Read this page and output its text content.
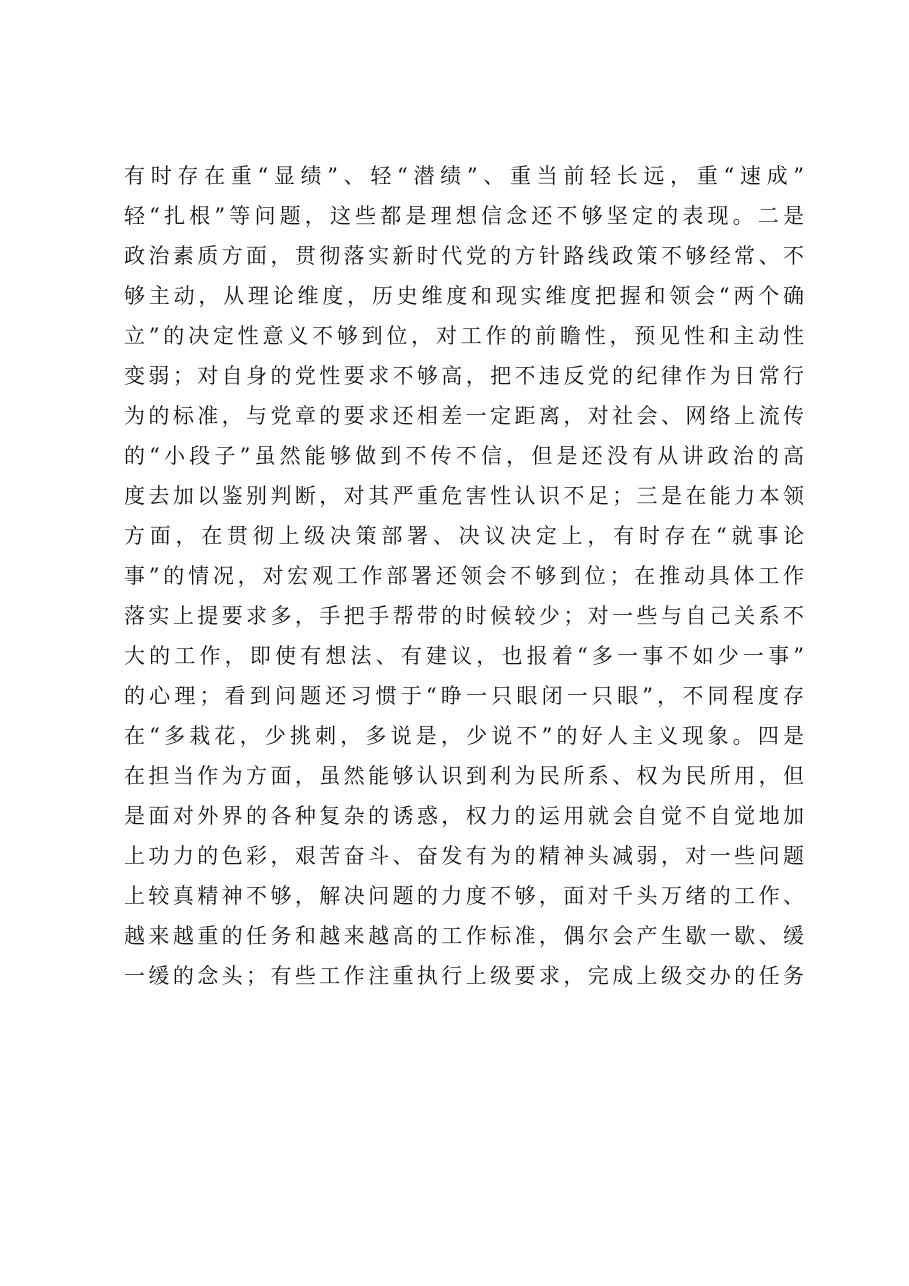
有时存在重“显绩”、轻“潜绩”、重当前轻长远，重“速成”
轻“扎根”等问题，这些都是理想信念还不够坚定的表现。二是
政治素质方面，贯彻落实新时代党的方针路线政策不够经常、不
够主动，从理论维度，历史维度和现实维度把握和领会“两个确
立”的决定性意义不够到位，对工作的前瞻性，预见性和主动性
变弱；对自身的党性要求不够高，把不违反党的纪律作为日常行
为的标准，与党章的要求还相差一定距离，对社会、网络上流传
的“小段子”虽然能够做到不传不信，但是还没有从讲政治的高
度去加以鉴别判断，对其严重危害性认识不足；三是在能力本领
方面，在贯彻上级决策部署、决议决定上，有时存在“就事论
事”的情况，对宏观工作部署还领会不够到位；在推动具体工作
落实上提要求多，手把手帮带的时候较少；对一些与自己关系不
大的工作，即使有想法、有建议，也报着“多一事不如少一事”
的心理；看到问题还习惯于“睁一只眼闭一只眼”，不同程度存
在“多栽花，少挑刺，多说是，少说不”的好人主义现象。四是
在担当作为方面，虽然能够认识到利为民所系、权为民所用，但
是面对外界的各种复杂的诱惑，权力的运用就会自觉不自觉地加
上功力的色彩，艰苦奋斗、奋发有为的精神头减弱，对一些问题
上较真精神不够，解决问题的力度不够，面对千头万绪的工作、
越来越重的任务和越来越高的工作标准，偶尔会产生歇一歇、缓
一缓的念头；有些工作注重执行上级要求，完成上级交办的任务
